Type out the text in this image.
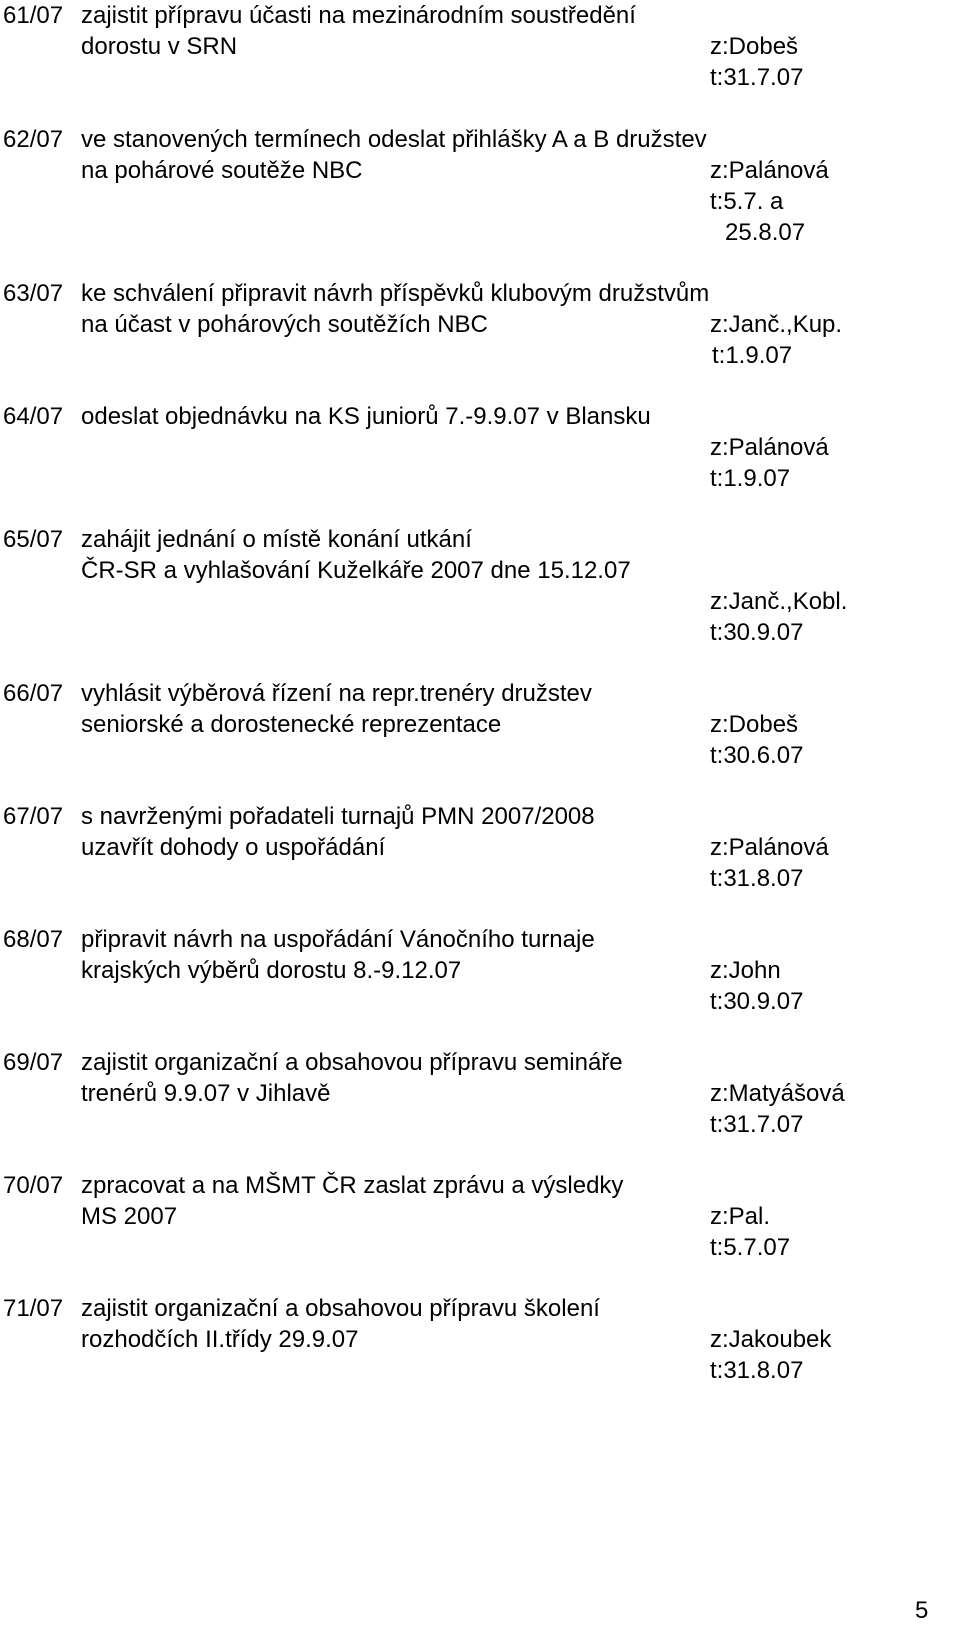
61/07 zajistit přípravu účasti na mezinárodním soustředění

dorostu v SRN	z:Dobeš

t:31.7.07

62/07 ve stanovených termínech odeslat přihlášky A a B družstev

na pohárové soutěže NBC	z:Palánová

t:5.7. a

25.8.07

63/07 ke schválení připravit návrh příspěvků klubovým družstvům

na účast v pohárových soutěžích NBC	z:Janč.,Kup.

t:1.9.07

64/07 odeslat objednávku na KS juniorů 7.-9.9.07 v Blansku

z:Palánová

t:1.9.07

65/07 zahájit jednání o místě konání utkání

ČR-SR a vyhlašování Kuželkáře 2007 dne 15.12.07

z:Janč.,Kobl.

t:30.9.07

66/07 vyhlásit výběrová řízení na repr.trenéry družstev

seniorské a dorostenecké reprezentace	z:Dobeš

t:30.6.07

67/07 s navrženými pořadateli turnajů PMN 2007/2008

uzavřít dohody o uspořádání	z:Palánová

t:31.8.07

68/07 připravit návrh na uspořádání Vánočního turnaje

krajských výběrů dorostu 8.-9.12.07	z:John

t:30.9.07

69/07 zajistit organizační a obsahovou přípravu semináře

trenérů 9.9.07 v Jihlavě	z:Matyášová

t:31.7.07

70/07 zpracovat a na MŠMT ČR zaslat zprávu a výsledky

MS 2007	z:Pal.

t:5.7.07

71/07 zajistit organizační a obsahovou přípravu školení

rozhodčích II.třídy 29.9.07	z:Jakoubek

t:31.8.07

5
